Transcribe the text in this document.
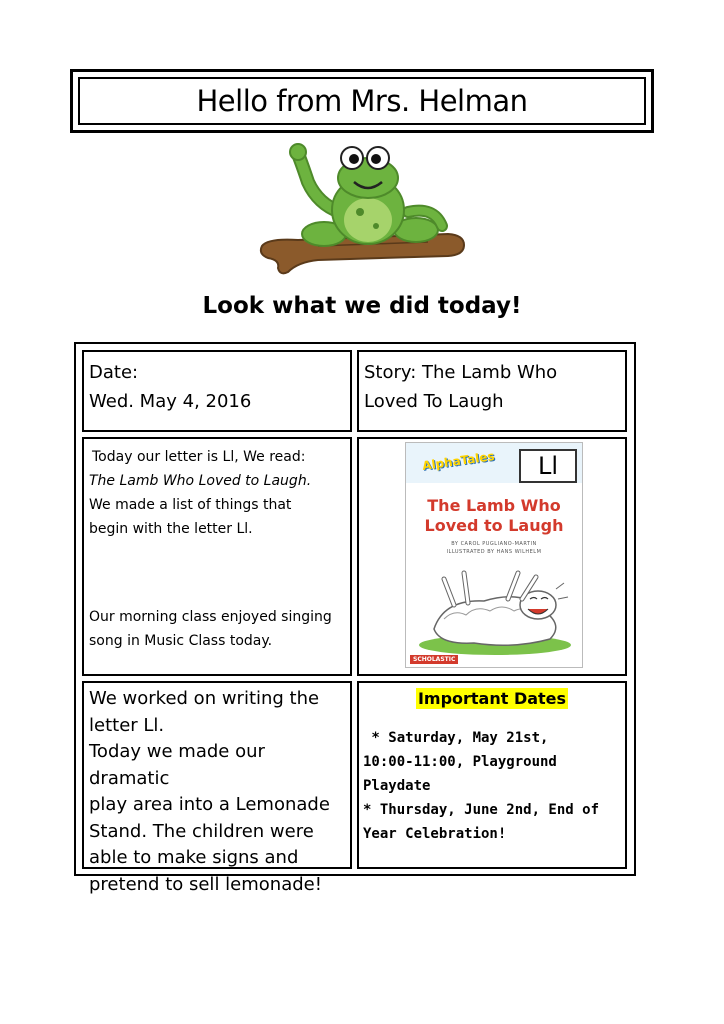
Hello from Mrs. Helman
Look what we did today!
Date:
Wed. May 4, 2016
Story: The Lamb Who
Loved To Laugh
Today our letter is Ll, We read:
The Lamb Who Loved to Laugh.
We made a list of things that
begin with the letter Ll.
Our morning class enjoyed singing
song in Music Class today.
AlphaTales	Ll
The Lamb Who
Loved to Laugh
BY CAROL PUGLIANO-MARTIN
ILLUSTRATED BY HANS WILHELM
SCHOLASTIC
We worked on writing the
letter Ll.
Today we made our dramatic
play area into a Lemonade
Stand. The children were
able to make signs and
pretend to sell lemonade!
Important Dates
* Saturday, May 21st,
10:00-11:00, Playground
Playdate
* Thursday, June 2nd, End of
Year Celebration!
